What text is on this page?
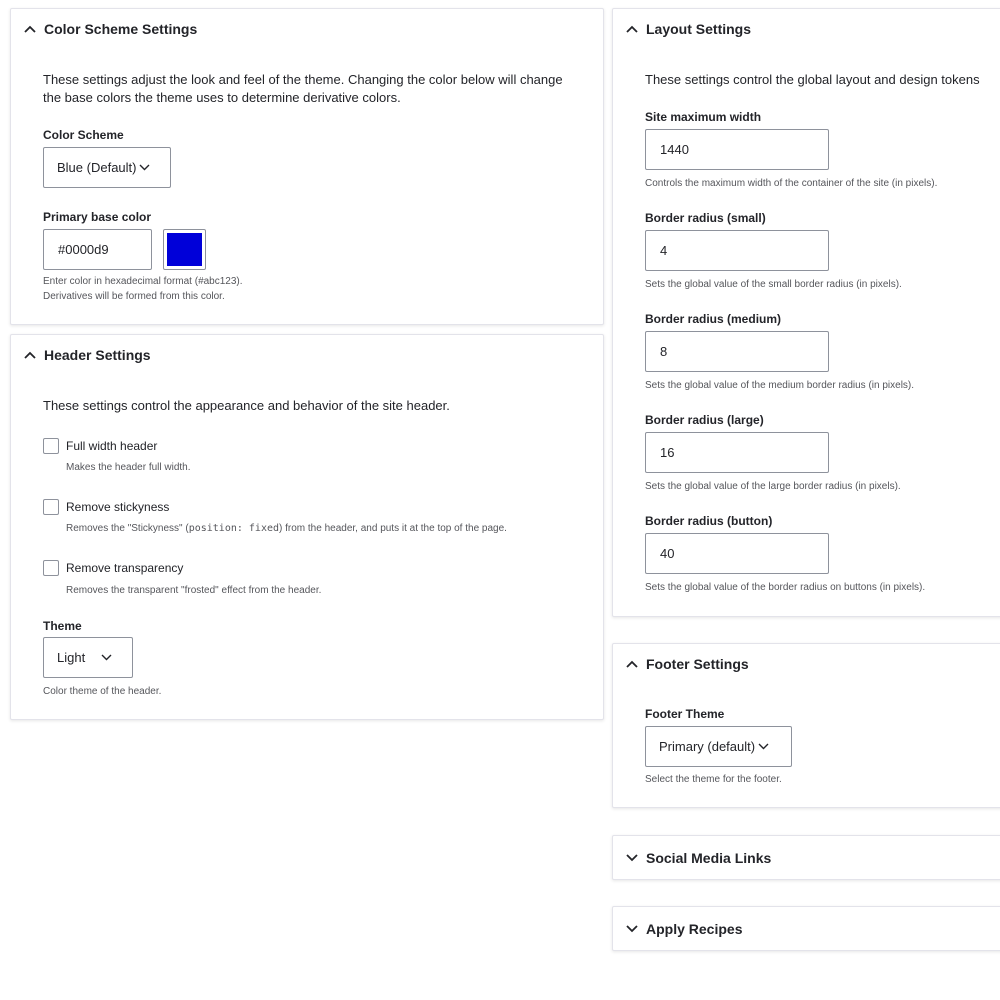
Color Scheme Settings
These settings adjust the look and feel of the theme. Changing the color below will change the base colors the theme uses to determine derivative colors.
Color Scheme
Blue (Default)
Primary base color
#0000d9
Enter color in hexadecimal format (#abc123).
Derivatives will be formed from this color.
Header Settings
These settings control the appearance and behavior of the site header.
Full width header
Makes the header full width.
Remove stickyness
Removes the "Stickyness" (position: fixed) from the header, and puts it at the top of the page.
Remove transparency
Removes the transparent "frosted" effect from the header.
Theme
Light
Color theme of the header.
Layout Settings
These settings control the global layout and design tokens
Site maximum width
1440
Controls the maximum width of the container of the site (in pixels).
Border radius (small)
4
Sets the global value of the small border radius (in pixels).
Border radius (medium)
8
Sets the global value of the medium border radius (in pixels).
Border radius (large)
16
Sets the global value of the large border radius (in pixels).
Border radius (button)
40
Sets the global value of the border radius on buttons (in pixels).
Footer Settings
Footer Theme
Primary (default)
Select the theme for the footer.
Social Media Links
Apply Recipes
